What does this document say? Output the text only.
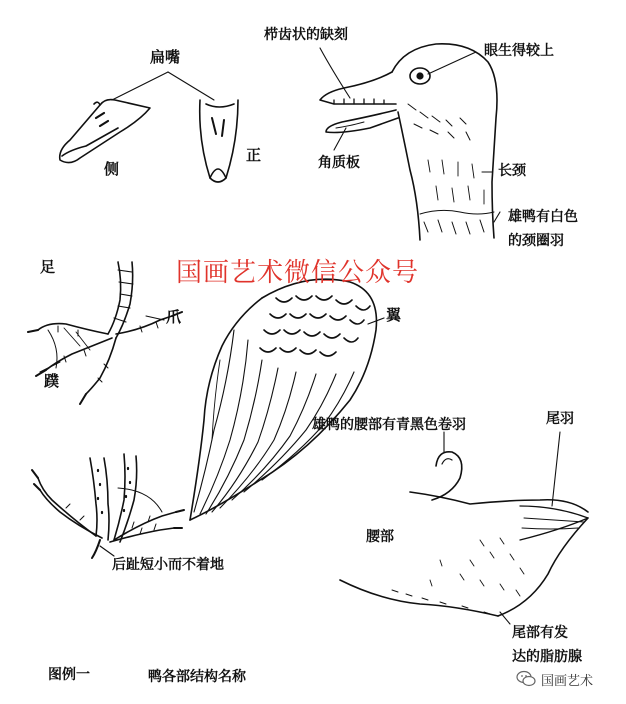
扁嘴
侧
正
栉齿状的缺刻
眼生得较上
角质板	长颈
雄鸭有白色
的颈圈羽
国画艺术微信公众号
足
爪
蹼
翼
雄鸭的腰部有青黑色卷羽	尾羽
腰部
后趾短小而不着地
尾部有发
达的脂肪腺
图例一	鸭各部结构名称	国画艺术
